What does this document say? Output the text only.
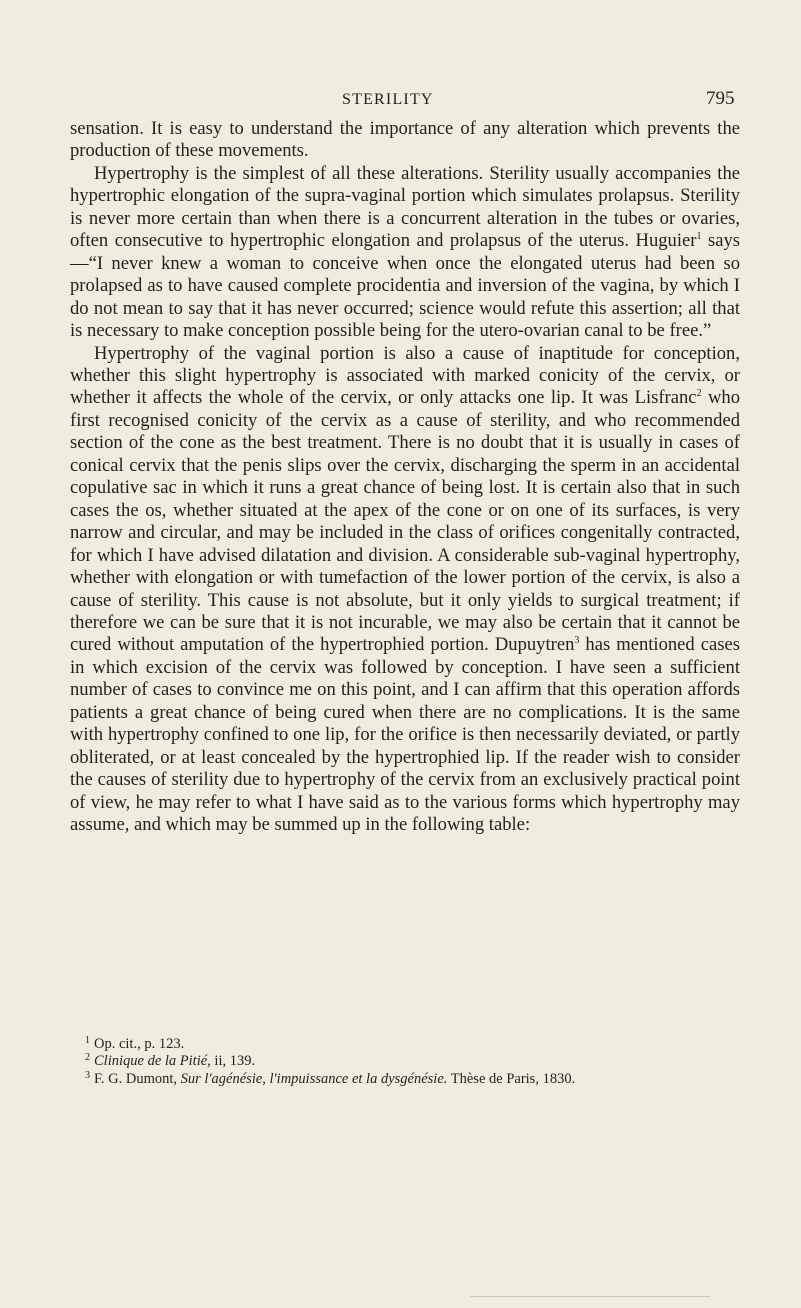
STERILITY	795

sensation. It is easy to understand the importance of any alteration which prevents the production of these movements.

Hypertrophy is the simplest of all these alterations. Sterility usually accompanies the hypertrophic elongation of the supra-vaginal portion which simulates prolapsus. Sterility is never more certain than when there is a concurrent alteration in the tubes or ovaries, often consecutive to hypertrophic elongation and prolapsus of the uterus. Huguier$^1$ says—“I never knew a woman to conceive when once the elongated uterus had been so prolapsed as to have caused complete procidentia and inversion of the vagina, by which I do not mean to say that it has never occurred; science would refute this assertion; all that is necessary to make conception possible being for the utero-ovarian canal to be free.”

Hypertrophy of the vaginal portion is also a cause of inaptitude for conception, whether this slight hypertrophy is associated with marked conicity of the cervix, or whether it affects the whole of the cervix, or only attacks one lip. It was Lisfranc$^2$ who first recognised conicity of the cervix as a cause of sterility, and who recommended section of the cone as the best treatment. There is no doubt that it is usually in cases of conical cervix that the penis slips over the cervix, discharging the sperm in an accidental copulative sac in which it runs a great chance of being lost. It is certain also that in such cases the os, whether situated at the apex of the cone or on one of its surfaces, is very narrow and circular, and may be included in the class of orifices congenitally contracted, for which I have advised dilatation and division. A considerable sub-vaginal hypertrophy, whether with elongation or with tumefaction of the lower portion of the cervix, is also a cause of sterility. This cause is not absolute, but it only yields to surgical treatment; if therefore we can be sure that it is not incurable, we may also be certain that it cannot be cured without amputation of the hypertrophied portion. Dupuytren$^3$ has mentioned cases in which excision of the cervix was followed by conception. I have seen a sufficient number of cases to convince me on this point, and I can affirm that this operation affords patients a great chance of being cured when there are no complications. It is the same with hypertrophy confined to one lip, for the orifice is then necessarily deviated, or partly obliterated, or at least concealed by the hypertrophied lip. If the reader wish to consider the causes of sterility due to hypertrophy of the cervix from an exclusively practical point of view, he may refer to what I have said as to the various forms which hypertrophy may assume, and which may be summed up in the following table:

1 Op. cit., p. 123.

2 Clinique de la Pitié, ii, 139.

3 F. G. Dumont, Sur l'agénésie, l'impuissance et la dysgénésie. Thèse de Paris, 1830.
